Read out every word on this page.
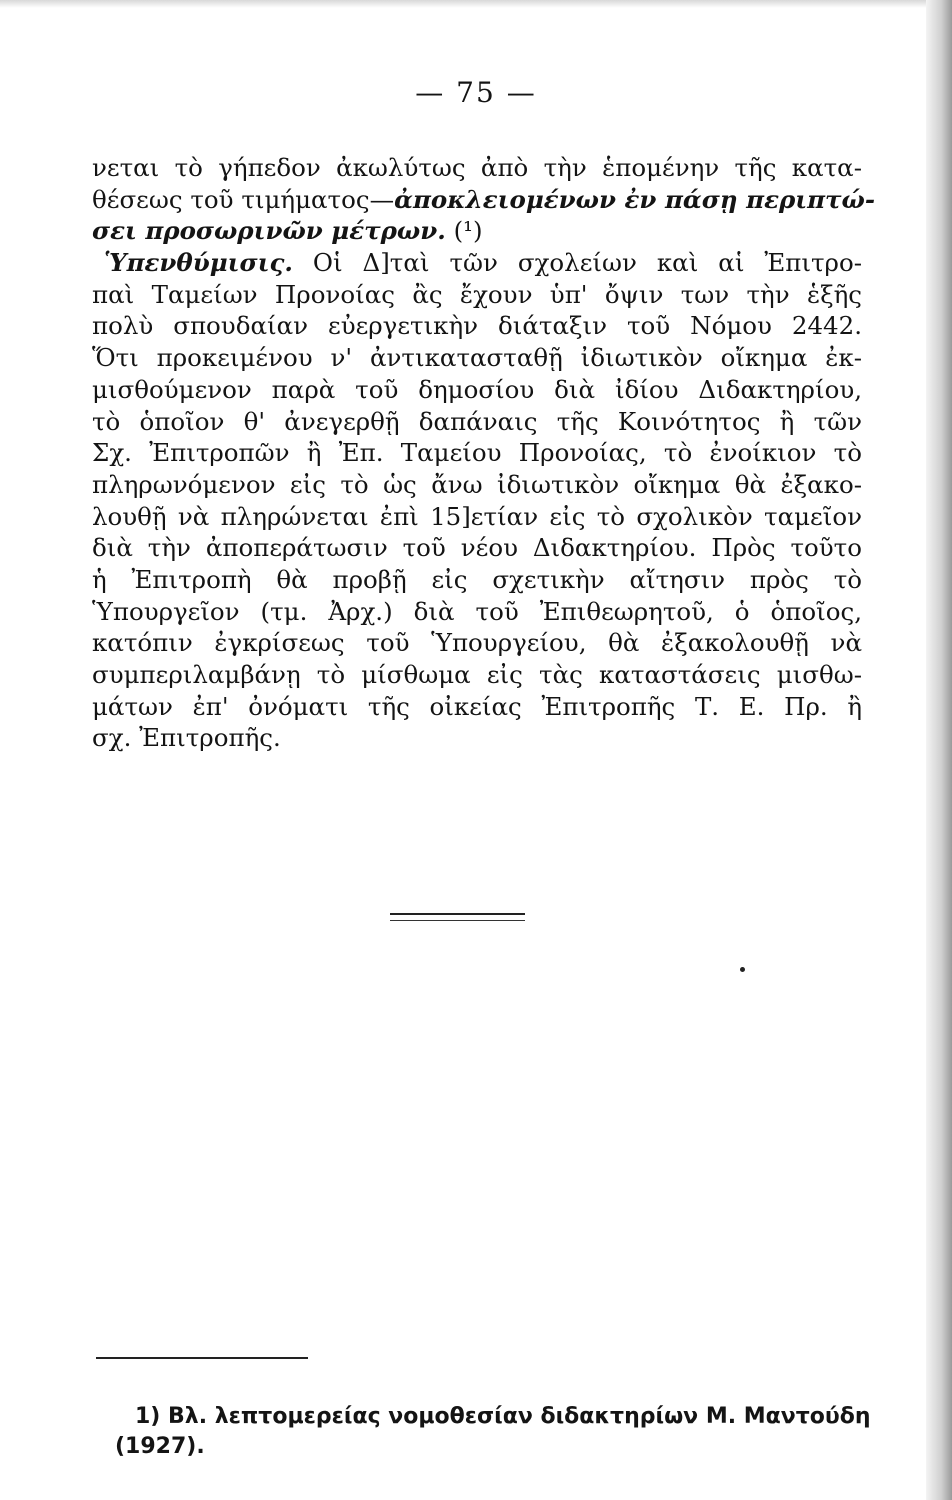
— 75 —
νεται τὸ γήπεδον ἀκωλύτως ἀπὸ τὴν ἑπομένην τῆς κατα-
θέσεως τοῦ τιμήματος—ἀποκλειομένων ἐν πάσῃ περιπτώ-
σει προσωρινῶν μέτρων. (¹)
Ὑπενθύμισις. Οἱ Δ]ταὶ τῶν σχολείων καὶ αἱ Ἐπιτρο-
παὶ Ταμείων Προνοίας ἂς ἔχουν ὑπ' ὄψιν των τὴν ἑξῆς
πολὺ σπουδαίαν εὐεργετικὴν διάταξιν τοῦ Νόμου 2442.
Ὅτι προκειμένου ν' ἀντικατασταθῇ ἰδιωτικὸν οἴκημα ἐκ-
μισθούμενον παρὰ τοῦ δημοσίου διὰ ἰδίου Διδακτηρίου,
τὸ ὁποῖον θ' ἀνεγερθῇ δαπάναις τῆς Κοινότητος ἢ τῶν
Σχ. Ἐπιτροπῶν ἢ Ἐπ. Ταμείου Προνοίας, τὸ ἐνοίκιον τὸ
πληρωνόμενον εἰς τὸ ὡς ἄνω ἰδιωτικὸν οἴκημα θὰ ἐξακο-
λουθῇ νὰ πληρώνεται ἐπὶ 15]ετίαν εἰς τὸ σχολικὸν ταμεῖον
διὰ τὴν ἀποπεράτωσιν τοῦ νέου Διδακτηρίου. Πρὸς τοῦτο
ἡ Ἐπιτροπὴ θὰ προβῇ εἰς σχετικὴν αἴτησιν πρὸς τὸ
Ὑπουργεῖον (τμ. Ἀρχ.) διὰ τοῦ Ἐπιθεωρητοῦ, ὁ ὁποῖος,
κατόπιν ἐγκρίσεως τοῦ Ὑπουργείου, θὰ ἐξακολουθῇ νὰ
συμπεριλαμβάνῃ τὸ μίσθωμα εἰς τὰς καταστάσεις μισθω-
μάτων ἐπ' ὀνόματι τῆς οἰκείας Ἐπιτροπῆς Τ. Ε. Πρ. ἢ
σχ. Ἐπιτροπῆς.
1) Βλ. λεπτομερείας νομοθεσίαν διδακτηρίων Μ. Μαντούδη
(1927).
